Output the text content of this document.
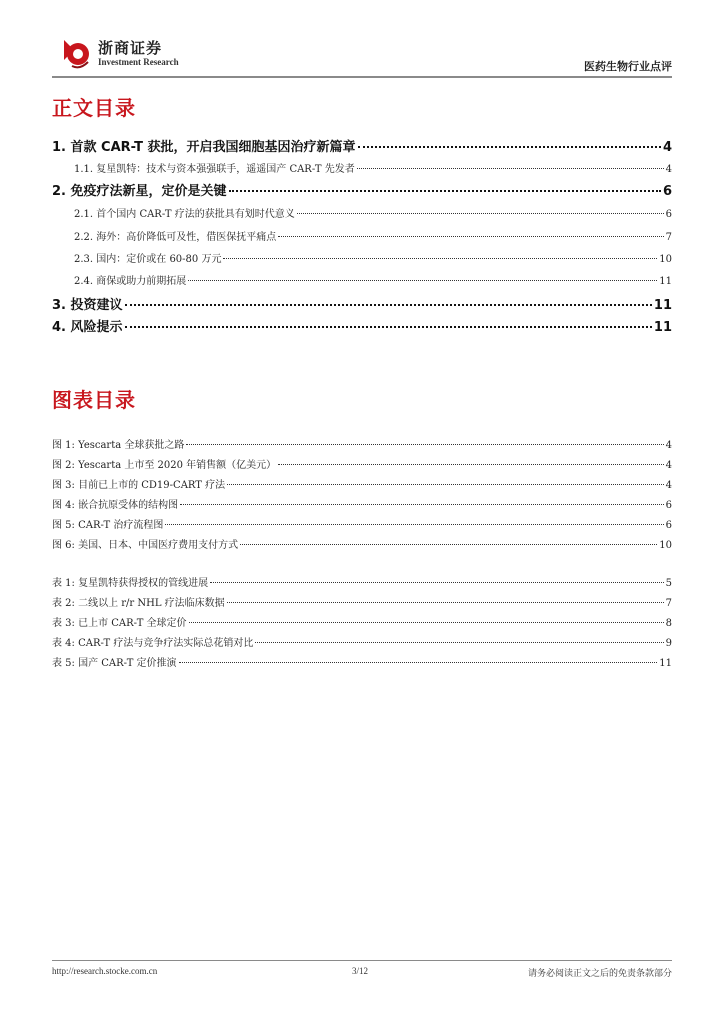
浙商证券
Investment Research	医药生物行业点评
正文目录
1. 首款 CAR-T 获批，开启我国细胞基因治疗新篇章	4
1.1. 复星凯特：技术与资本强强联手，遥遥国产 CAR-T 先发者	4
2. 免疫疗法新星，定价是关键	6
2.1. 首个国内 CAR-T 疗法的获批具有划时代意义	6
2.2. 海外：高价降低可及性，借医保抚平痛点	7
2.3. 国内：定价或在 60-80 万元	10
2.4. 商保或助力前期拓展	11
3. 投资建议	11
4. 风险提示	11
图表目录
图 1: Yescarta 全球获批之路	4
图 2: Yescarta 上市至 2020 年销售额（亿美元）	4
图 3: 目前已上市的 CD19-CART 疗法	4
图 4: 嵌合抗原受体的结构图	6
图 5: CAR-T 治疗流程图	6
图 6: 美国、日本、中国医疗费用支付方式	10
表 1: 复星凯特获得授权的管线进展	5
表 2: 二线以上 r/r NHL 疗法临床数据	7
表 3: 已上市 CAR-T 全球定价	8
表 4: CAR-T 疗法与竞争疗法实际总花销对比	9
表 5: 国产 CAR-T 定价推演	11
http://research.stocke.com.cn	3/12	请务必阅读正文之后的免责条款部分
